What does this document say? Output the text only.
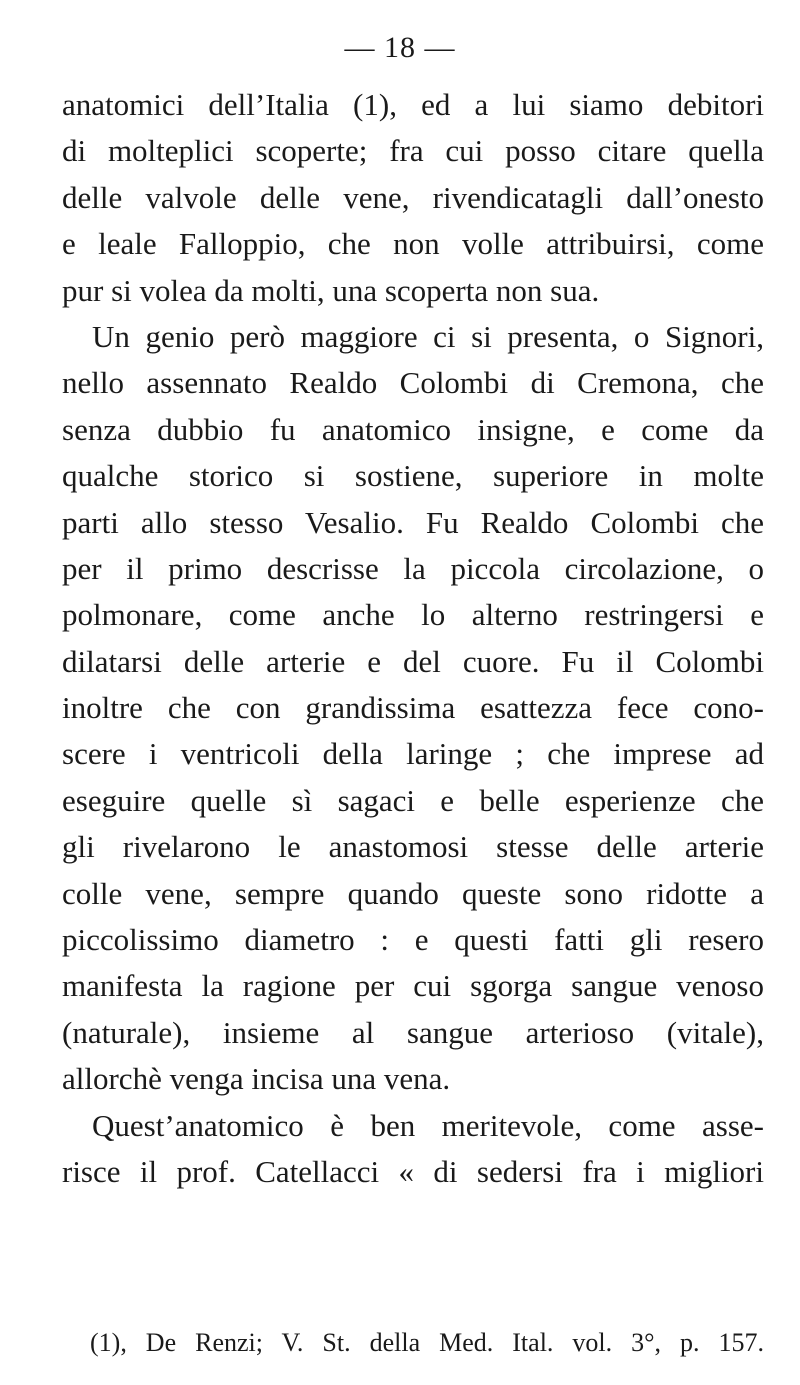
— 18 —
anatomici dell’Italia (1), ed a lui siamo debitori
di molteplici scoperte; fra cui posso citare quella
delle valvole delle vene, rivendicatagli dall’onesto
e leale Falloppio, che non volle attribuirsi, come
pur si volea da molti, una scoperta non sua.
Un genio però maggiore ci si presenta, o Signori,
nello assennato Realdo Colombi di Cremona, che
senza dubbio fu anatomico insigne, e come da
qualche storico si sostiene, superiore in molte
parti allo stesso Vesalio. Fu Realdo Colombi che
per il primo descrisse la piccola circolazione, o
polmonare, come anche lo alterno restringersi e
dilatarsi delle arterie e del cuore. Fu il Colombi
inoltre che con grandissima esattezza fece cono-
scere i ventricoli della laringe ; che imprese ad
eseguire quelle sì sagaci e belle esperienze che
gli rivelarono le anastomosi stesse delle arterie
colle vene, sempre quando queste sono ridotte a
piccolissimo diametro : e questi fatti gli resero
manifesta la ragione per cui sgorga sangue venoso
(naturale), insieme al sangue arterioso (vitale),
allorchè venga incisa una vena.
Quest’anatomico è ben meritevole, come asse-
risce il prof. Catellacci « di sedersi fra i migliori
(1), De Renzi; V. St. della Med. Ital. vol. 3°, p. 157.
